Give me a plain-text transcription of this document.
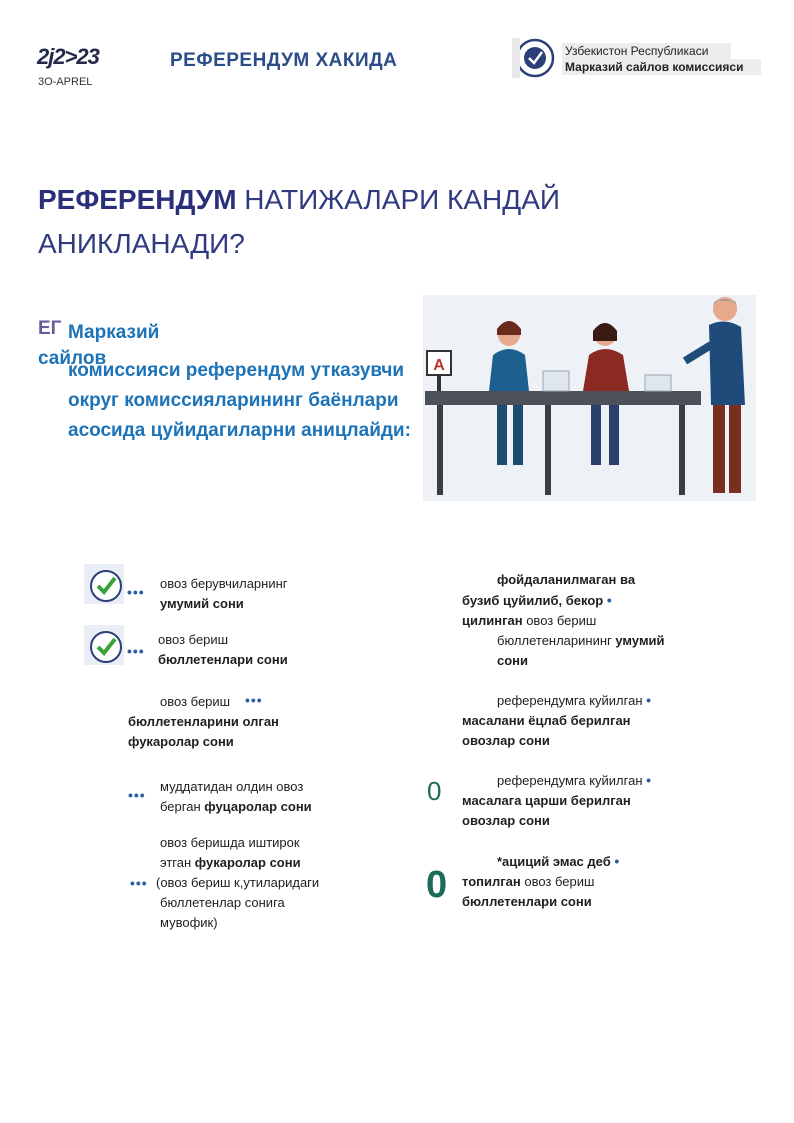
2j2>23
3O-APREL
РЕФЕРЕНДУМ ХАКИДА	Узбекистон Республикаси
Марказий сайлов комиссияси
РЕФЕРЕНДУМ НАТИЖАЛАРИ КАНДАЙ АНИКЛАНАДИ?
ЕГ
сайлов
Марказий
комиссияси референдум утказувчи округ комиссияларининг баёнлари асосида цуйидагиларни аницлайди:
A
•••
овоз берувчиларнинг
умумий сони
•••
овоз бериш
бюллетенлари сони
•••
овоз бериш
бюллетенларини олган фукаролар сони
•••
муддатидан олдин овоз
берган фуцаролар сони
•••
овоз беришда иштирок
этган фукаролар сони
(овоз бериш к,утиларидаги
бюллетенлар сонига
мувофик)
фойдаланилмаган ва
бузиб цуйилиб, бекор •
цилинган овоз бериш
бюллетенларининг умумий
сони
референдумга куйилган •
масалани ёцлаб берилган
овозлар сони
0	референдумга куйилган •
масалага царши берилган
овозлар сони
0
*ациций эмас деб •
топилган овоз бериш
бюллетенлари сони
